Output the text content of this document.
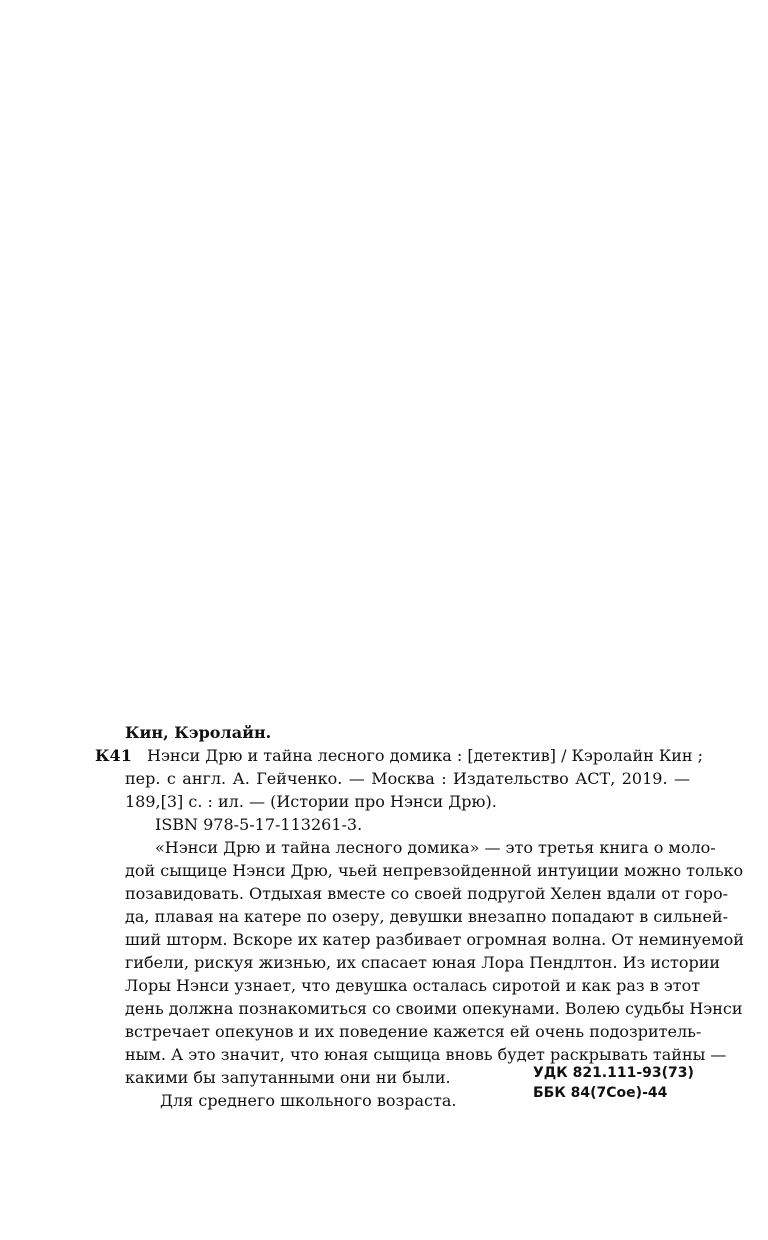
Кин, Кэролайн.
К41 Нэнси Дрю и тайна лесного домика : [детектив] / Кэролайн Кин ;
пер. с англ. А. Гейченко. — Москва : Издательство АСТ, 2019. —
189,[3] с. : ил. — (Истории про Нэнси Дрю).
ISBN 978-5-17-113261-3.
«Нэнси Дрю и тайна лесного домика» — это третья книга о моло-
дой сыщице Нэнси Дрю, чьей непревзойденной интуиции можно только
позавидовать. Отдыхая вместе со своей подругой Хелен вдали от горо-
да, плавая на катере по озеру, девушки внезапно попадают в сильней-
ший шторм. Вскоре их катер разбивает огромная волна. От неминуемой
гибели, рискуя жизнью, их спасает юная Лора Пендлтон. Из истории
Лоры Нэнси узнает, что девушка осталась сиротой и как раз в этот
день должна познакомиться со своими опекунами. Волею судьбы Нэнси
встречает опекунов и их поведение кажется ей очень подозритель-
ным. А это значит, что юная сыщица вновь будет раскрывать тайны —
какими бы запутанными они ни были.
Для среднего школьного возраста.
УДК 821.111-93(73)
ББК 84(7Сое)-44
